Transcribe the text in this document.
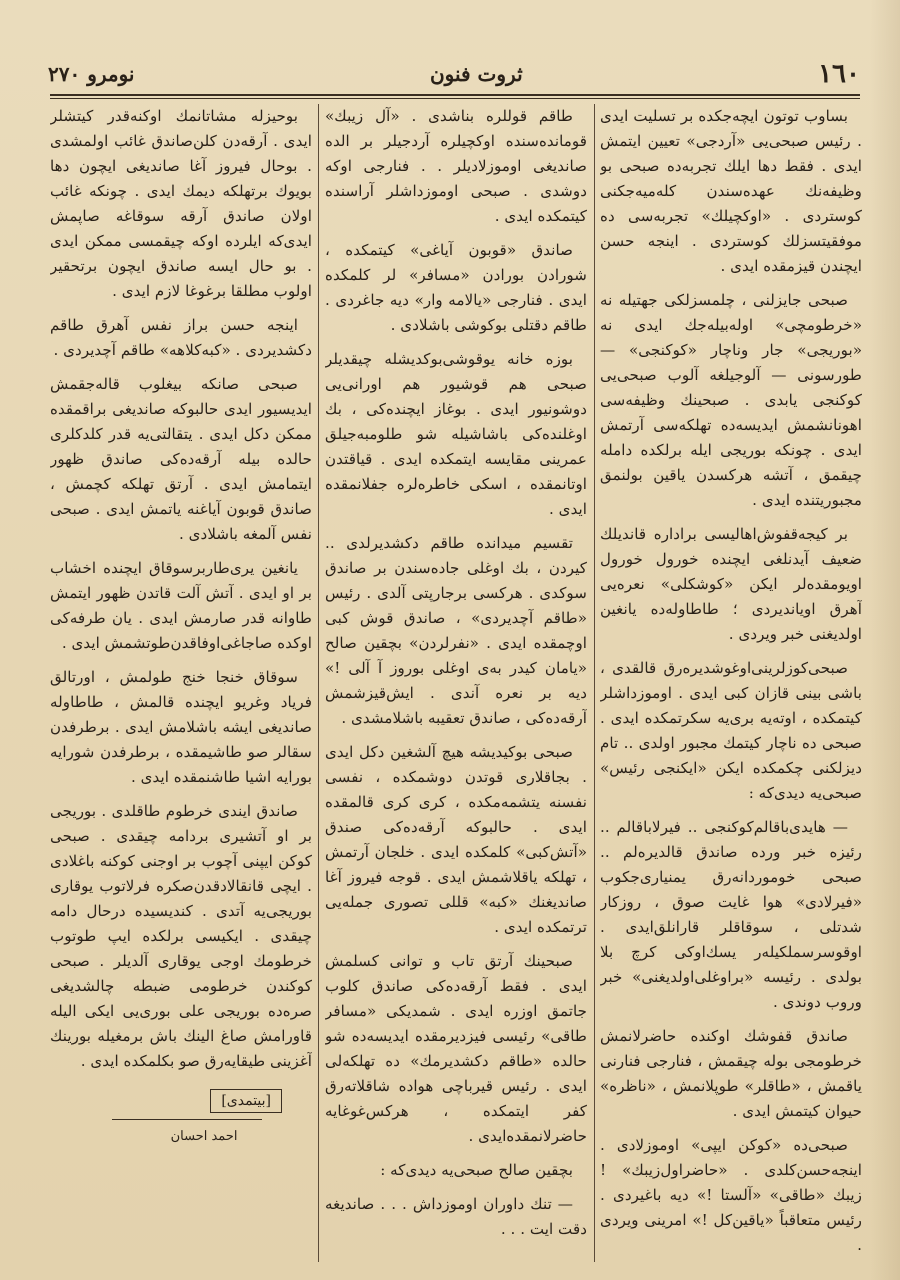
نومرو ٢٧٠	ثروت فنون	١٦٠

بساوب توتون ایچه‌جکده بر تسلیت ایدی . رئیس صبحی‌یی «آردجی» تعیین ایتمش ایدی . فقط دها ایلك تجربه‌ده صبحی بو وظیفه‌نك عهده‌سندن كله‌میه‌جکنی کوستردی . «اوکچیلك» تجربه‌سی ده موفقیتسزلك کوستردی . اینجه حسن ایچندن قیزمقده ایدی .

صبحی جایزلنی ، چلمسزلکی جهتیله نه «خرطومچی» اوله‌بیله‌جك ایدی نه «بوریجی» جار وناچار «کوکنجی» — طورسونی — آلوجیلغه آلوب صبحی‌یی کوکنجی یابدی . صبحینك وظیفه‌سی اهونانشمش ایدیسه‌ده تهلکه‌سی آرتمش ایدی . چونکه بوریجی ایله برلکده دامله چیقمق ، آتشه هرکسدن یاقین بولنمق مجبوریتنده ایدی .

بر کیجه‌قفوش‌اهالیسی برادارە قاندیلك ضعیف آیدنلغی ایچنده خورول خورول اویومقده‌لر ایکن «کوشکلی» نعره‌یی آهرق اویاندیردی ؛ طاطاوله‌ده یانغین اولدیغنی خبر ویردی .

صبحی‌کوزلرینی‌اوغوشدیره‌رق قالقدی ، باشی بینی قازان کبی ایدی . اوموزداشلر کیتمکده ، اوته‌یه بری‌یه سکرتمکده ایدی . صبحی ده ناچار کیتمك مجبور اولدی .. تام دیزلکنی چکمکده ایکن «ایکنجی رئیس» صبحی‌یه دیدی‌که :

— هایدی‌باقالم‌کوکنجی .. فیرلاباقالم .. رئیزه خبر ورده صاندق قالدیرەلم .. صبحی خوموردانه‌رق یمنیاری‌جکوب «فیرلادی» هوا غایت صوق ، روزکار شدتلی ، سوقاقلر قارانلق‌ایدی . اوقوسرسملکیلە‌ر یسك‌اوکی کرچ بلا بولدی . رئیسه «براوغلی‌اولدیغنی» خبر وروب دوندی .

صاندق قفوشك اوکنده حاضرلانمش خرطومجی بوله چیقمش ، فنارجی فنارنی یاقمش ، «طاقلر» طوپلانمش ، «ناظره» حیوان کیتمش ایدی .

صبحی‌ده «کوکن ایپی» اوموزلادی . اینجه‌حسن‌کلدی . «حاضراول‌زیبك» ! زیبك «طاقی» «آلستا !» دیه باغیردی . رئیس متعاقباً «یاقین‌کل !» امرینی ویردی .

طاقم قوللره بناشدی . «آل زیبك» قوماندەسنده اوکچیلره آردجیلر بر الده صاندیغی اوموزلادیلر . . فنارجی اوکه دوشدی . صبحی اوموزداشلر آراسنده کیتمکده ایدی .

صاندق «قوبون آیاغی» کیتمکده ، شورادن بورادن «مسافر» لر کلمکده ایدی . فنارجی «یالامه وار» دیه جاغردی . طاقم دقتلی بوکوشی باشلادی .

بوزه خانه یوقوشی‌بوکدیشله چیقدیلر صبحی هم قوشیور هم اورانی‌یی دوشونیور ایدی . بوغاز ایچنده‌کی ، بك اوغلنده‌کی باشاشیله شو طلومبه‌جیلق عمرینی مقایسه ایتمکده ایدی . قیاقتدن اوتانمقده ، اسکی خاطره‌لره جفلانمقده ایدی .

تقسیم میدانده طاقم دکشدیرلدی .. کیردن ، بك اوغلی جاده‌سندن بر صاندق سوکدی . هرکسی برجارپتی آلدی . رئیس «طاقم آچدیردی» ، صاندق قوش کبی اوچمقده ایدی . «نفرلردن» بچقین صالح «یامان کیدر بەی اوغلی بوروز آ آلی !» دیه بر نعره آندی . ایش‌قیزشمش آرقەده‌کی ، صاندق تعقیبه باشلامشدی .

صبحی بوکیدیشه هیچ آلشغین دکل ایدی . بجاقلاری قوتدن دوشمکده ، نفسی نفسنه یتشمه‌مکده ، کری کری قالمقده ایدی . حالبوکه آرقەده‌کی صندق «آتش‌کبی» کلمکده ایدی . خلجان آرتمش ، تهلکه یاقلاشمش ایدی . قوجه فیروز آغا صاندیغنك «کبه» قللی تصوری جملەیی ترتمکده ایدی .

صبحینك آرتق تاب و توانی کسلمش ایدی . فقط آرقەده‌کی صاندق کلوب جاتمق اوزره ایدی . شمدیکی «مسافر طاقی» رئیسی فیزدیرمقده ایدیسه‌ده شو حالده «طاقم دکشدیرمك» ده تهلکه‌لی ایدی . رئیس قیرباچی هواده شاقلاتەرق کفر ایتمکده ، هرکس‌غوغایه حاضرلانمقده‌ایدی .

بچقین صالح صبحی‌یه دیدی‌که :

— تنك داوران اوموزداش . . . صاندیغه دقت ایت . . .

بوحیزله مشاتانمك اوکنه‌قدر کیتشلر ایدی . آرقەدن کلن‌صاندق غائب اولمشدی . بوحال فیروز آغا صاندیغی ایچون دها بویوك برتهلکه دیمك ایدی . چونکه غائب اولان صاندق آرقه سوقاغه صاپمش ایدی‌که ایلرده اوکه چیقمسی ممکن ایدی . بو حال ایسه صاندق ایچون برتحقیر اولوب مطلقا برغوغا لازم ایدی .

اینجه حسن براز نفس آهرق طاقم دکشدیردی . «کبه‌کلاهه» طاقم آچدیردی .

صبحی صانکه بیغلوب قالە‌جقمش ایدیسیور ایدی حالبوکه صاندیغی براقمقده ممکن دکل ایدی . یتقالتی‌یه قدر کلدکلری حالده بیله آرقەده‌کی صاندق ظهور ایتمامش ایدی . آرتق تهلکه کچمش ، صاندق قوبون آیاغنه یاتمش ایدی . صبحی نفس آلمغه باشلادی .

یانغین یری‌طاربرسوقاق ایچنده اخشاب بر او ایدی . آتش آلت قاتدن ظهور ایتمش طاوانه قدر صارمش ایدی . یان طرفه‌کی اوکده صاجاغی‌اوفاقدن‌طوتشمش ایدی .

سوقاق خنجا خنج طولمش ، اورتالق فریاد وغریو ایچنده قالمش ، طاطاوله صاندیغی ایشه باشلامش ایدی . برطرفدن سقالر صو طاشیمقده ، برطرفدن شورایه بورایه اشیا طاشنمقده ایدی .

صاندق ایندی خرطوم طاقلدی . بوریجی بر او آتشیری بردامه چیقدی . صبحی کوکن ایپنی آچوب بر اوجنی کوکنه باغلادی . ایچی قانقالادقدن‌صکره فرلاتوب یوقاری بوریجی‌یه آتدی . کندیسیده درحال دامه چیقدی . ایکیسی برلکده ایپ طوتوب خرطومك اوجی یوقاری آلدیلر . صبحی کوکندن خرطومی ضبطه چالشدیغی صرەده بوریجی علی بوری‌یی ایکی الیله قاورامش صاغ الینك باش برمغیله بورینك آغزینی طیقایه‌رق صو بکلمکده ایدی .

[بیتمدی]

احمد احسان
